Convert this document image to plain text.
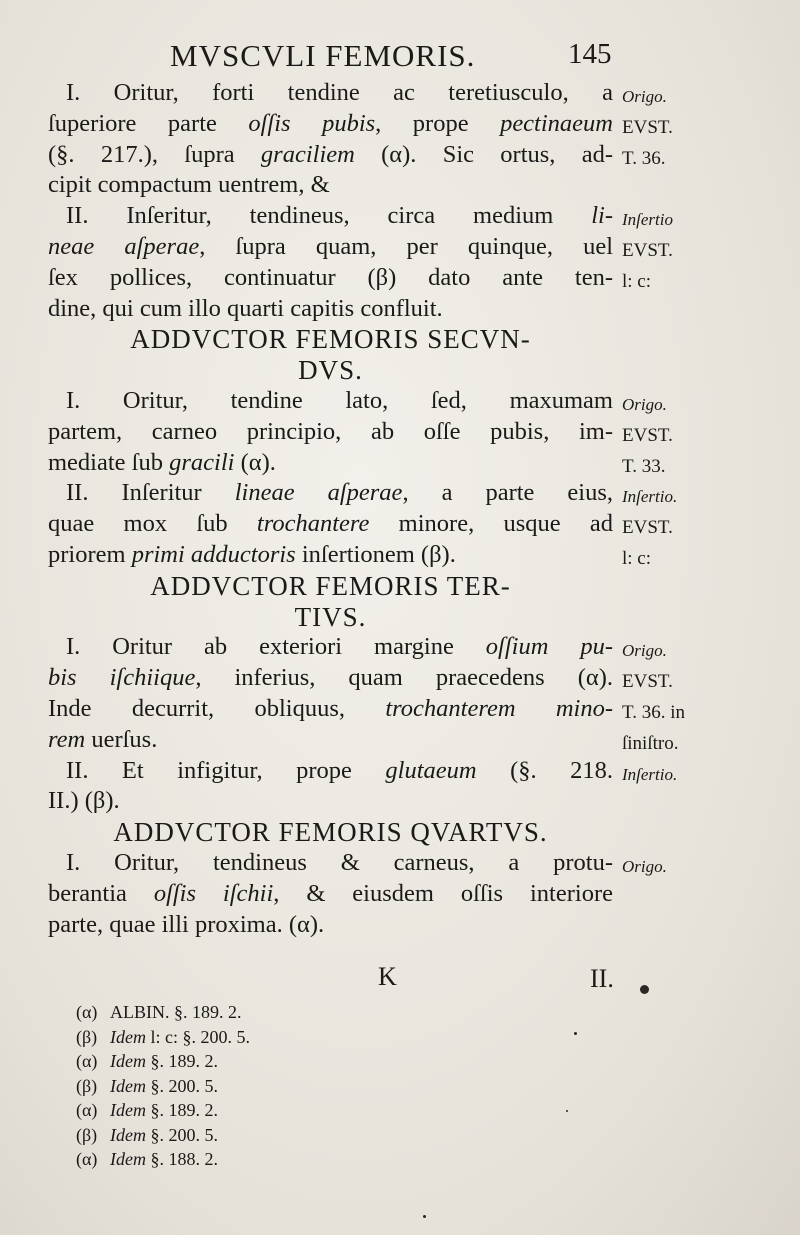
MVSCVLI FEMORIS.	145
I. Oritur, forti tendine ac teretiusculo, a
ſuperiore parte oſſis pubis, prope pectinaeum
(§. 217.), ſupra graciliem (α). Sic ortus, ad-
cipit compactum uentrem, &
II. Inſeritur, tendineus, circa medium li-
neae aſperae, ſupra quam, per quinque, uel
ſex pollices, continuatur (β) dato ante ten-
dine, qui cum illo quarti capitis confluit.
ADDVCTOR FEMORIS SECVN-
DVS.
I. Oritur, tendine lato, ſed, maxumam
partem, carneo principio, ab oſſe pubis, im-
mediate ſub gracili (α).
II. Inſeritur lineae aſperae, a parte eius,
quae mox ſub trochantere minore, usque ad
priorem primi adductoris inſertionem (β).
ADDVCTOR FEMORIS TER-
TIVS.
I. Oritur ab exteriori margine oſſium pu-
bis iſchiique, inferius, quam praecedens (α).
Inde decurrit, obliquus, trochanterem mino-
rem uerſus.
II. Et infigitur, prope glutaeum (§. 218.
II.) (β).
ADDVCTOR FEMORIS QVARTVS.
I. Oritur, tendineus & carneus, a protu-
berantia oſſis iſchii, & eiusdem oſſis interiore
parte, quae illi proxima. (α).
Origo.
EVST.
T. 36.
Inſertio
EVST.
l: c:
Origo.
EVST.
T. 33.
Inſertio.
EVST.
l: c:
Origo.
EVST.
T. 36. in
ſiniſtro.
Inſertio.
Origo.
K	II.
(α) ALBIN. §. 189. 2.
(β) Idem l: c: §. 200. 5.
(α) Idem §. 189. 2.
(β) Idem §. 200. 5.
(α) Idem §. 189. 2.
(β) Idem §. 200. 5.
(α) Idem §. 188. 2.
